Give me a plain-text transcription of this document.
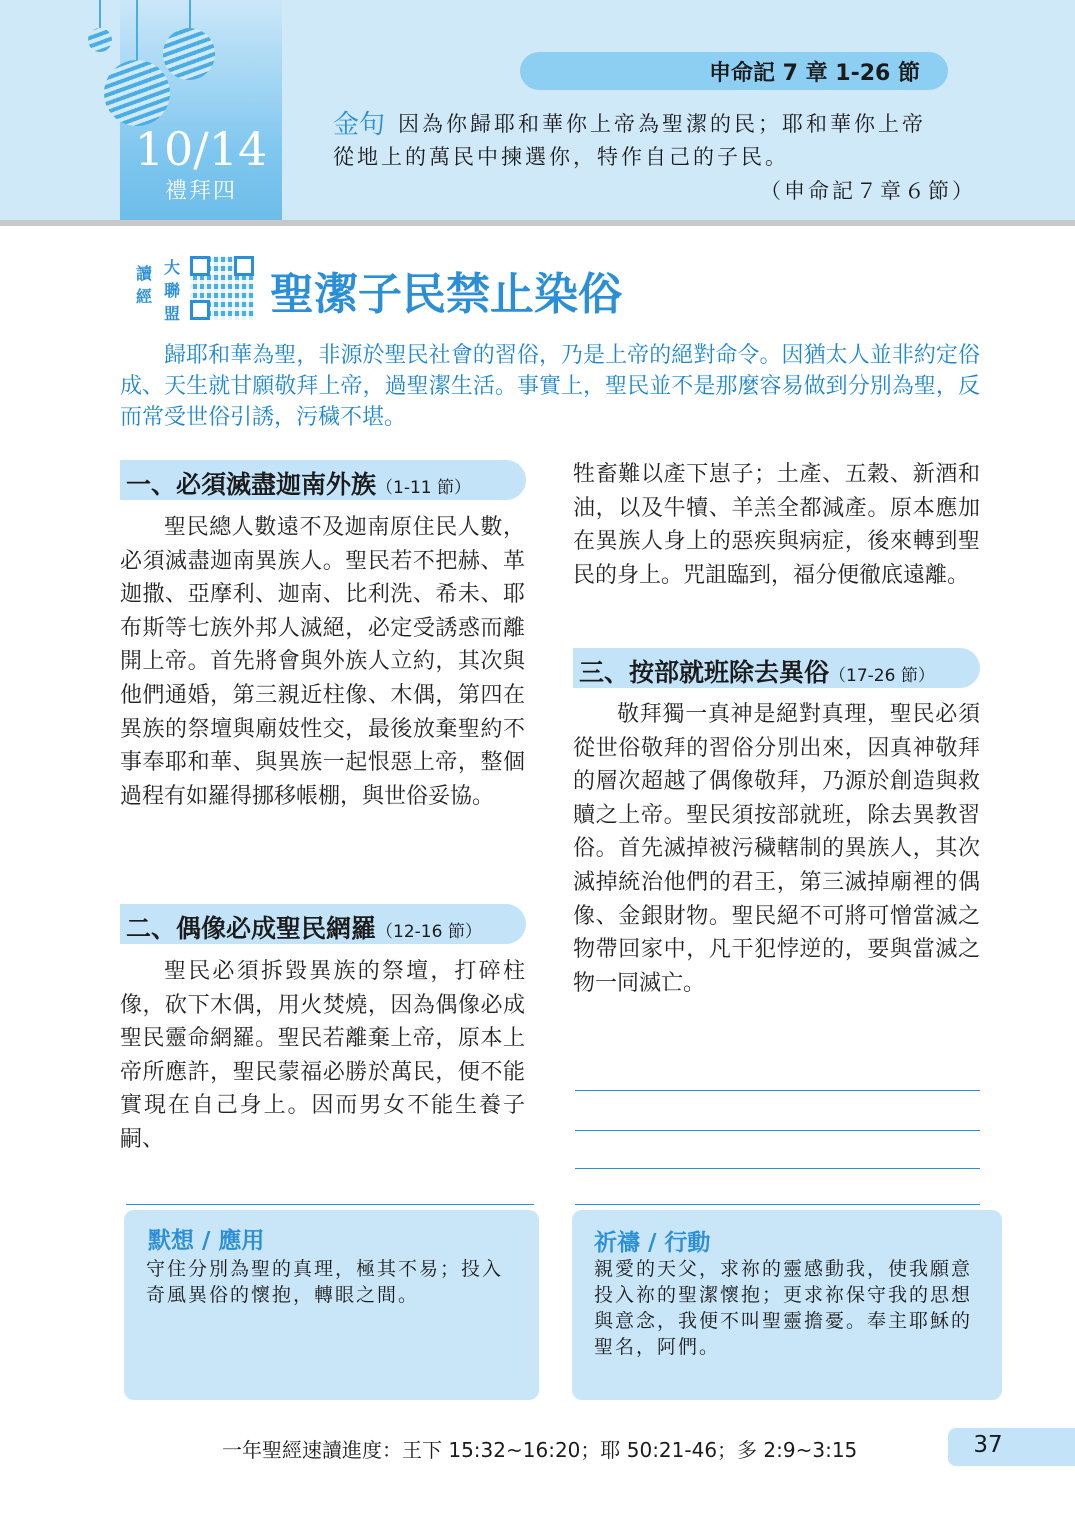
10/14
禮拜四
申命記 7 章 1-26 節
金句 因為你歸耶和華你上帝為聖潔的民；耶和華你上帝
從地上的萬民中揀選你，特作自己的子民。
（申命記７章６節）
讀經
大聯盟 聖潔子民禁止染俗
歸耶和華為聖，非源於聖民社會的習俗，乃是上帝的絕對命令。因猶太人並非約定俗成、天生就甘願敬拜上帝，過聖潔生活。事實上，聖民並不是那麼容易做到分別為聖，反而常受世俗引誘，污穢不堪。
一、必須滅盡迦南外族（1-11 節）

聖民總人數遠不及迦南原住民人數，必須滅盡迦南異族人。聖民若不把赫、革迦撒、亞摩利、迦南、比利洗、希未、耶布斯等七族外邦人滅絕，必定受誘惑而離開上帝。首先將會與外族人立約，其次與他們通婚，第三親近柱像、木偶，第四在異族的祭壇與廟妓性交，最後放棄聖約不事奉耶和華、與異族一起恨惡上帝，整個過程有如羅得挪移帳棚，與世俗妥協。

二、偶像必成聖民網羅（12-16 節）

聖民必須拆毀異族的祭壇，打碎柱像，砍下木偶，用火焚燒，因為偶像必成聖民靈命網羅。聖民若離棄上帝，原本上帝所應許，聖民蒙福必勝於萬民，便不能實現在自己身上。因而男女不能生養子嗣、

牲畜難以產下崽子；土產、五穀、新酒和油，以及牛犢、羊羔全都減產。原本應加在異族人身上的惡疾與病症，後來轉到聖民的身上。咒詛臨到，福分便徹底遠離。

三、按部就班除去異俗（17-26 節）

敬拜獨一真神是絕對真理，聖民必須從世俗敬拜的習俗分別出來，因真神敬拜的層次超越了偶像敬拜，乃源於創造與救贖之上帝。聖民須按部就班，除去異教習俗。首先滅掉被污穢轄制的異族人，其次滅掉統治他們的君王，第三滅掉廟裡的偶像、金銀財物。聖民絕不可將可憎當滅之物帶回家中，凡干犯悖逆的，要與當滅之物一同滅亡。

默想 / 應用
守住分別為聖的真理，極其不易；投入奇風異俗的懷抱，轉眼之間。
祈禱 / 行動
親愛的天父，求祢的靈感動我，使我願意投入祢的聖潔懷抱；更求祢保守我的思想與意念，我便不叫聖靈擔憂。奉主耶穌的聖名，阿們。
一年聖經速讀進度：王下 15:32~16:20；耶 50:21-46；多 2:9~3:15	37
